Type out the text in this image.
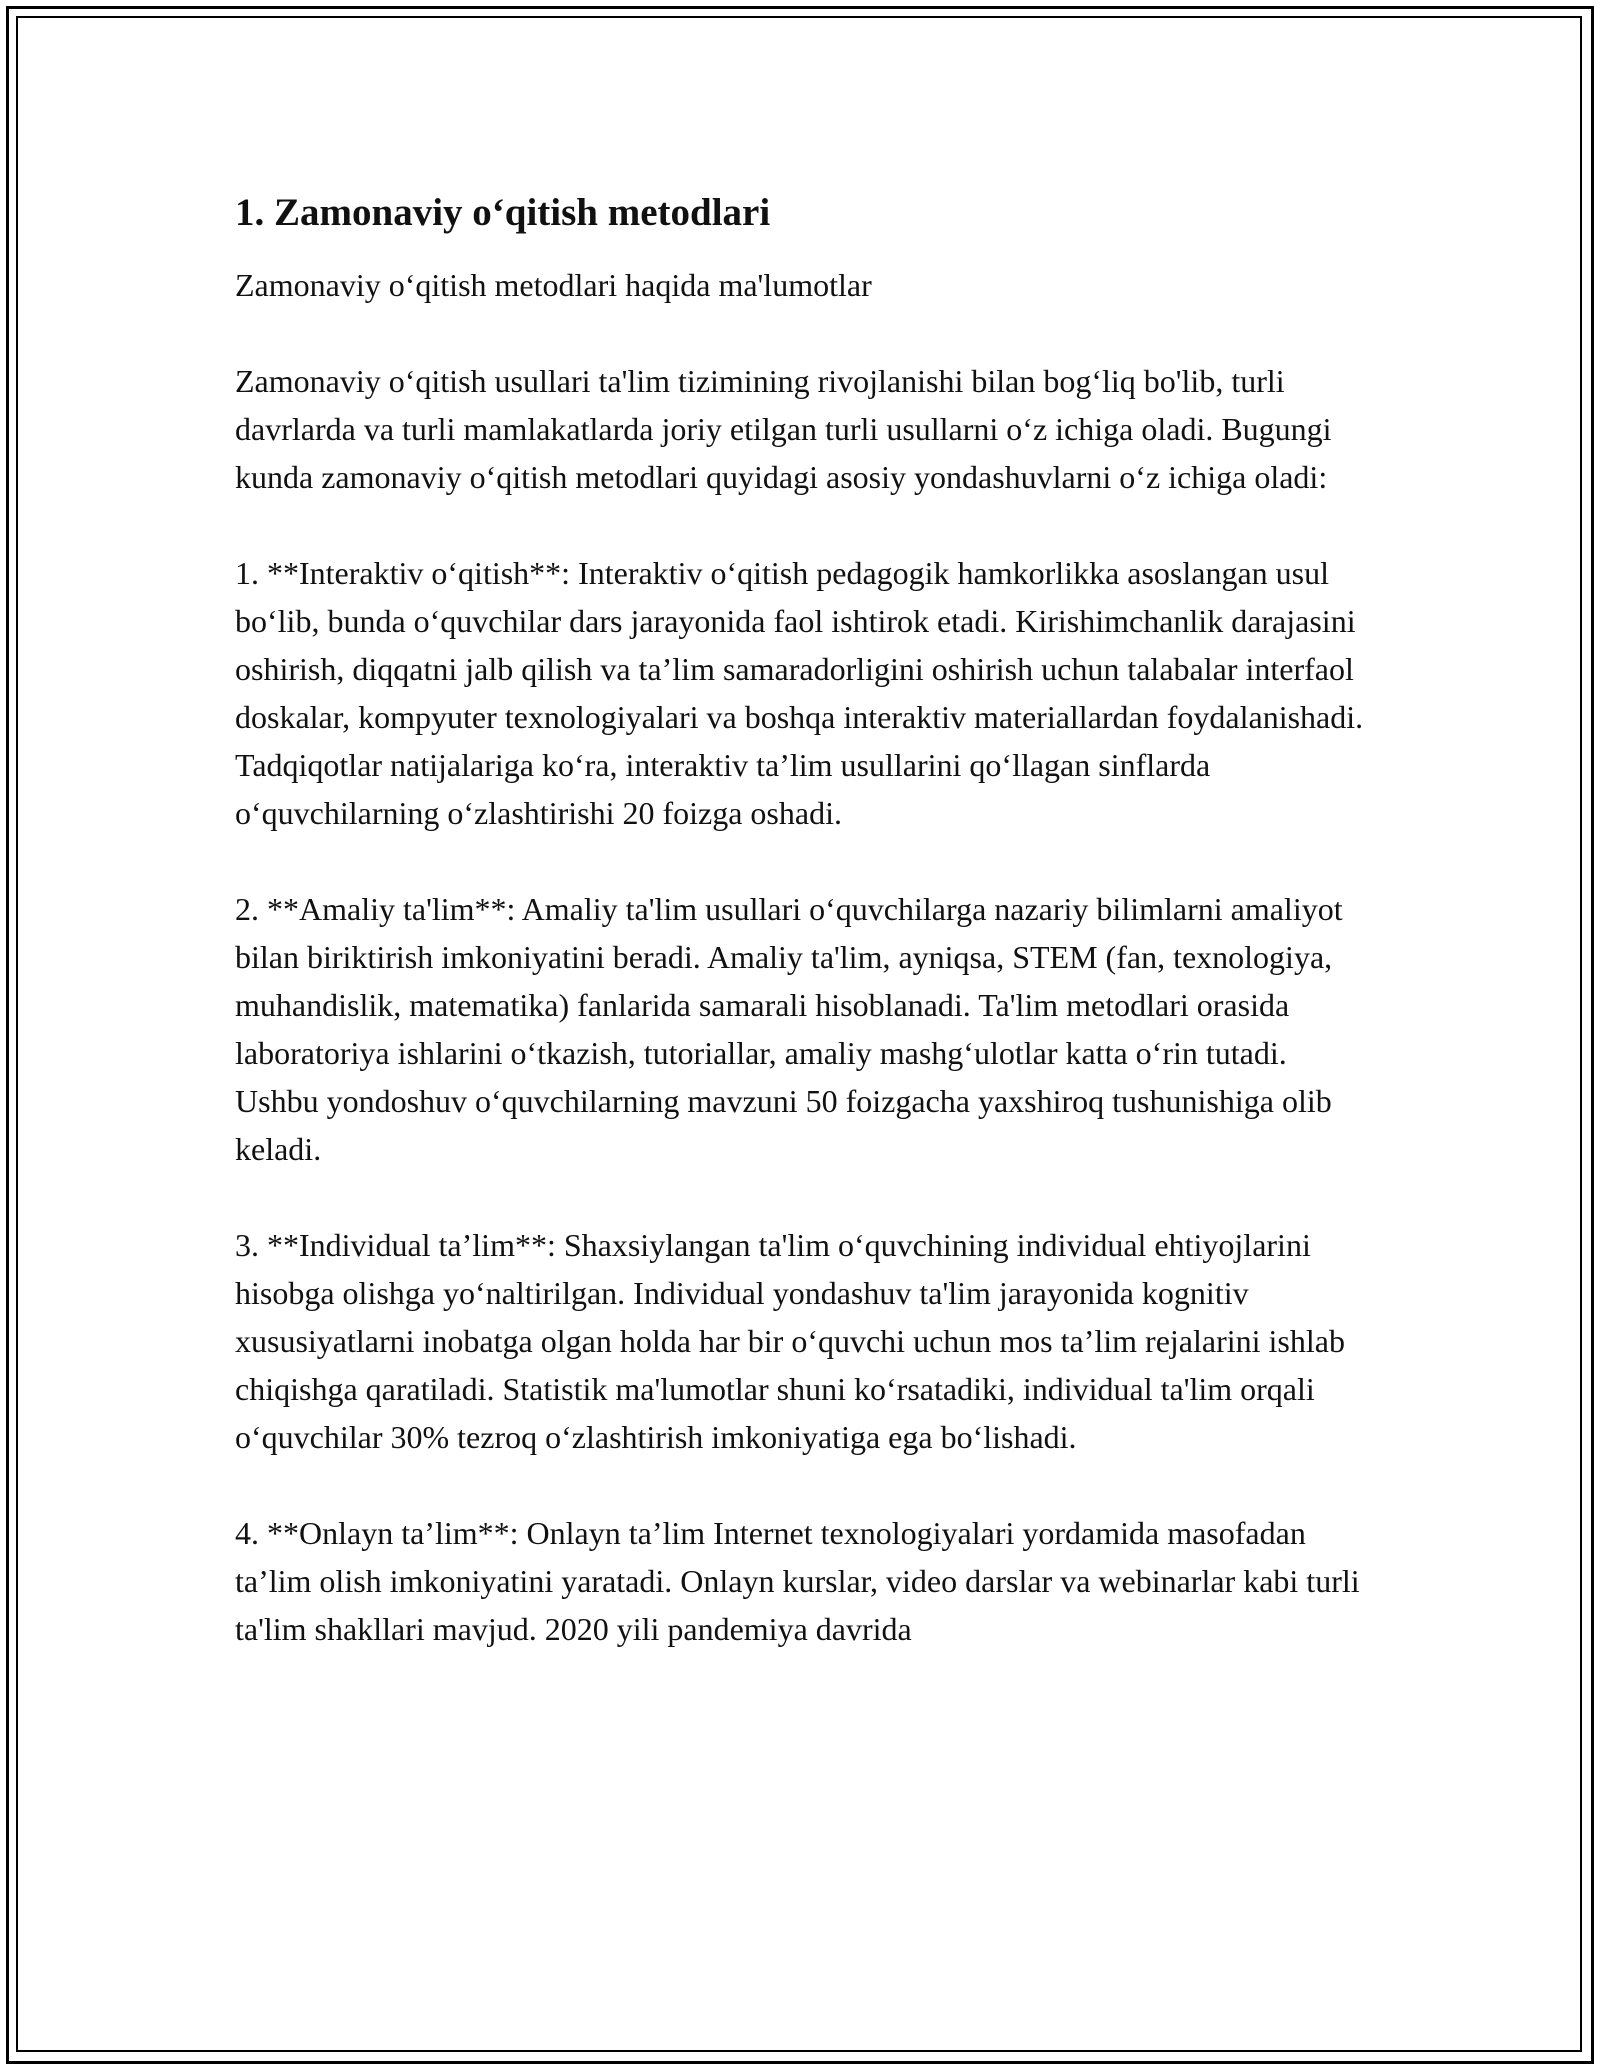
1. Zamonaviy o‘qitish metodlari

Zamonaviy o‘qitish metodlari haqida ma'lumotlar

Zamonaviy o‘qitish usullari ta'lim tizimining rivojlanishi bilan bog‘liq bo'lib, turli davrlarda va turli mamlakatlarda joriy etilgan turli usullarni o‘z ichiga oladi. Bugungi kunda zamonaviy o‘qitish metodlari quyidagi asosiy yondashuvlarni o‘z ichiga oladi:

1. **Interaktiv o‘qitish**: Interaktiv o‘qitish pedagogik hamkorlikka asoslangan usul bo‘lib, bunda o‘quvchilar dars jarayonida faol ishtirok etadi. Kirishimchanlik darajasini oshirish, diqqatni jalb qilish va ta’lim samaradorligini oshirish uchun talabalar interfaol doskalar, kompyuter texnologiyalari va boshqa interaktiv materiallardan foydalanishadi. Tadqiqotlar natijalariga ko‘ra, interaktiv ta’lim usullarini qo‘llagan sinflarda o‘quvchilarning o‘zlashtirishi 20 foizga oshadi.

2. **Amaliy ta'lim**: Amaliy ta'lim usullari o‘quvchilarga nazariy bilimlarni amaliyot bilan biriktirish imkoniyatini beradi. Amaliy ta'lim, ayniqsa, STEM (fan, texnologiya, muhandislik, matematika) fanlarida samarali hisoblanadi. Ta'lim metodlari orasida laboratoriya ishlarini o‘tkazish, tutoriallar, amaliy mashg‘ulotlar katta o‘rin tutadi. Ushbu yondoshuv o‘quvchilarning mavzuni 50 foizgacha yaxshiroq tushunishiga olib keladi.

3. **Individual ta’lim**: Shaxsiylangan ta'lim o‘quvchining individual ehtiyojlarini hisobga olishga yo‘naltirilgan. Individual yondashuv ta'lim jarayonida kognitiv xususiyatlarni inobatga olgan holda har bir o‘quvchi uchun mos ta’lim rejalarini ishlab chiqishga qaratiladi. Statistik ma'lumotlar shuni ko‘rsatadiki, individual ta'lim orqali o‘quvchilar 30% tezroq o‘zlashtirish imkoniyatiga ega bo‘lishadi.

4. **Onlayn ta’lim**: Onlayn ta’lim Internet texnologiyalari yordamida masofadan ta’lim olish imkoniyatini yaratadi. Onlayn kurslar, video darslar va webinarlar kabi turli ta'lim shakllari mavjud. 2020 yili pandemiya davrida
